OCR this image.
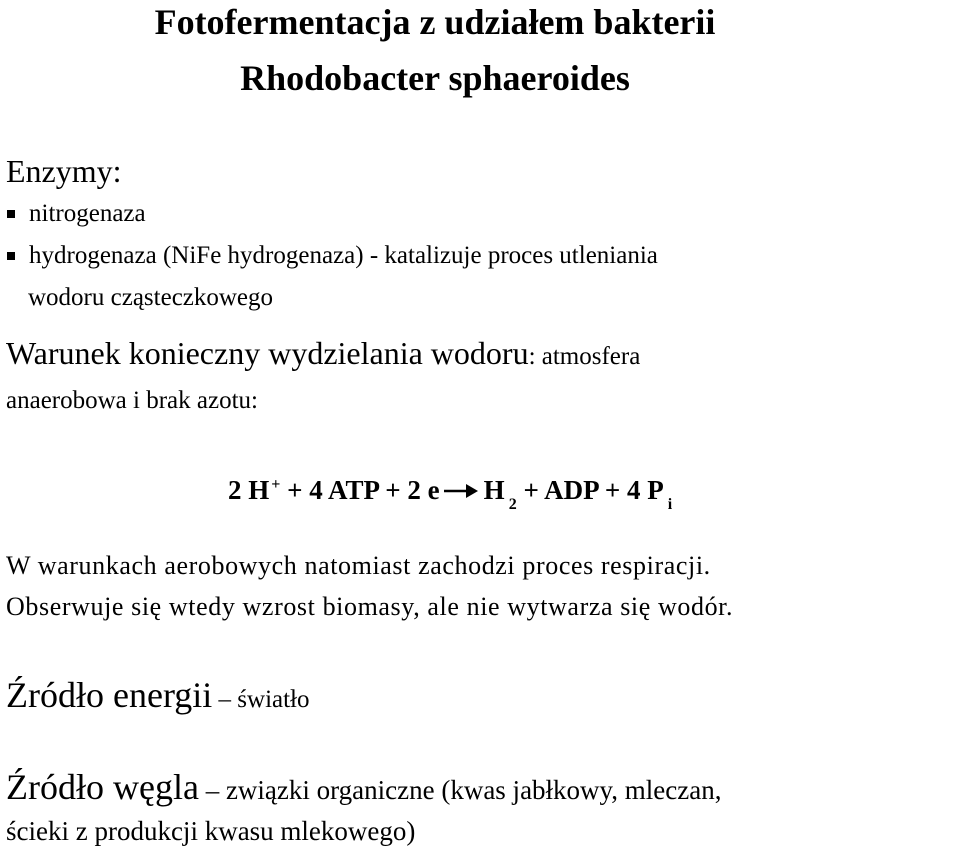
Fotofermentacja z udziałem bakterii
Rhodobacter sphaeroides
Enzymy:
nitrogenaza
hydrogenaza (NiFe hydrogenaza) - katalizuje proces utleniania
wodoru cząsteczkowego
Warunek konieczny wydzielania wodoru: atmosfera
anaerobowa i brak azotu:
2 H + + 4 ATP + 2 e → H $_2$ + ADP + 4 P $_i$
W warunkach aerobowych natomiast zachodzi proces respiracji.
Obserwuje się wtedy wzrost biomasy, ale nie wytwarza się wodór.
Źródło energii – światło
Źródło węgla – związki organiczne (kwas jabłkowy, mleczan,
ścieki z produkcji kwasu mlekowego)
